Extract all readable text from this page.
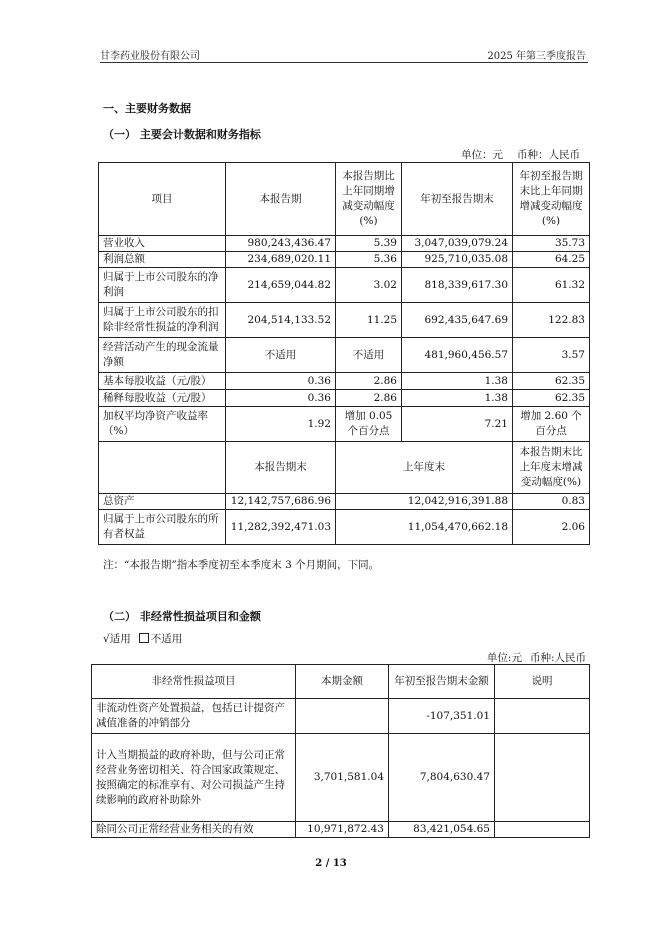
甘李药业股份有限公司	2025 年第三季度报告
一、主要财务数据
（一） 主要会计数据和财务指标
单位：元 币种：人民币
项目	本报告期	本报告期比上年同期增减变动幅度(%)	年初至报告期末	年初至报告期末比上年同期增减变动幅度(%)
营业收入	980,243,436.47	5.39	3,047,039,079.24	35.73
利润总额	234,689,020.11	5.36	925,710,035.08	64.25
归属于上市公司股东的净利润	214,659,044.82	3.02	818,339,617.30	61.32
归属于上市公司股东的扣除非经常性损益的净利润	204,514,133.52	11.25	692,435,647.69	122.83
经营活动产生的现金流量净额	不适用	不适用	481,960,456.57	3.57
基本每股收益（元/股）	0.36	2.86	1.38	62.35
稀释每股收益（元/股）	0.36	2.86	1.38	62.35
加权平均净资产收益率（%）	1.92	增加 0.05 个百分点	7.21	增加 2.60 个百分点
	本报告期末	上年度末		本报告期末比上年度末增减变动幅度(%)
总资产	12,142,757,686.96	12,042,916,391.88		0.83
归属于上市公司股东的所有者权益	11,282,392,471.03	11,054,470,662.18		2.06
注：“本报告期”指本季度初至本季度末 3 个月期间，下同。
（二） 非经常性损益项目和金额
√适用 不适用
单位:元 币种:人民币
非经常性损益项目	本期金额	年初至报告期末金额	说明
非流动性资产处置损益，包括已计提资产减值准备的冲销部分		-107,351.01	
计入当期损益的政府补助，但与公司正常经营业务密切相关、符合国家政策规定、按照确定的标准享有、对公司损益产生持续影响的政府补助除外	3,701,581.04	7,804,630.47	
除同公司正常经营业务相关的有效	10,971,872.43	83,421,054.65	
2 / 13
